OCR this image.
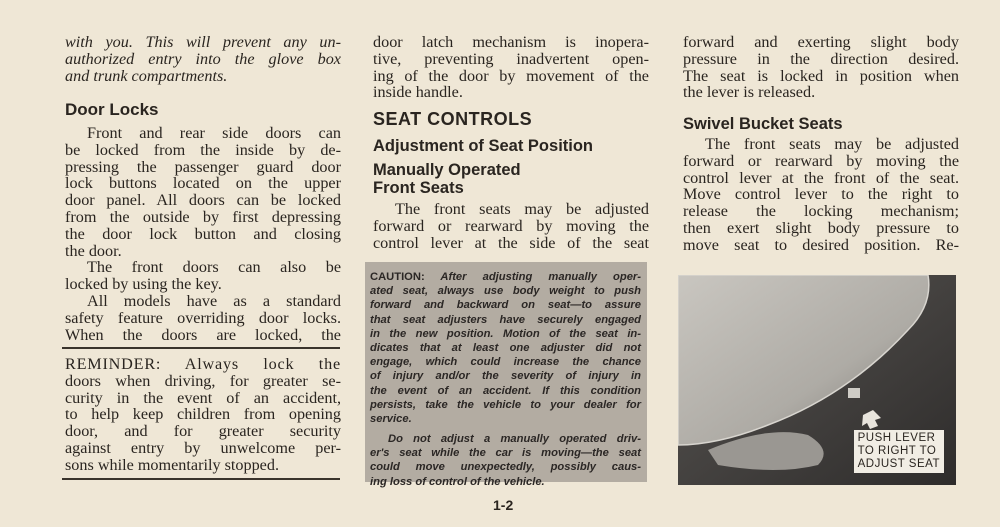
with you. This will prevent any un-
authorized entry into the glove box
and trunk compartments.
Door Locks
Front and rear side doors can
be locked from the inside by de-
pressing the passenger guard door
lock buttons located on the upper
door panel. All doors can be locked
from the outside by first depressing
the door lock button and closing
the door.
The front doors can also be
locked by using the key.
All models have as a standard
safety feature overriding door locks.
When the doors are locked, the
REMINDER: Always lock the
doors when driving, for greater se-
curity in the event of an accident,
to help keep children from opening
door, and for greater security
against entry by unwelcome per-
sons while momentarily stopped.
door latch mechanism is inopera-
tive, preventing inadvertent open-
ing of the door by movement of the
inside handle.
SEAT CONTROLS
Adjustment of Seat Position
Manually Operated
Front Seats
The front seats may be adjusted
forward or rearward by moving the
control lever at the side of the seat
CAUTION: After adjusting manually oper-
ated seat, always use body weight to push
forward and backward on seat—to assure
that seat adjusters have securely engaged
in the new position. Motion of the seat in-
dicates that at least one adjuster did not
engage, which could increase the chance
of injury and/or the severity of injury in
the event of an accident. If this condition
persists, take the vehicle to your dealer for
service.
Do not adjust a manually operated driv-
er's seat while the car is moving—the seat
could move unexpectedly, possibly caus-
ing loss of control of the vehicle.
forward and exerting slight body
pressure in the direction desired.
The seat is locked in position when
the lever is released.
Swivel Bucket Seats
The front seats may be adjusted
forward or rearward by moving the
control lever at the front of the seat.
Move control lever to the right to
release the locking mechanism;
then exert slight body pressure to
move seat to desired position. Re-
PUSH LEVER
TO RIGHT TO
ADJUST SEAT
1-2
